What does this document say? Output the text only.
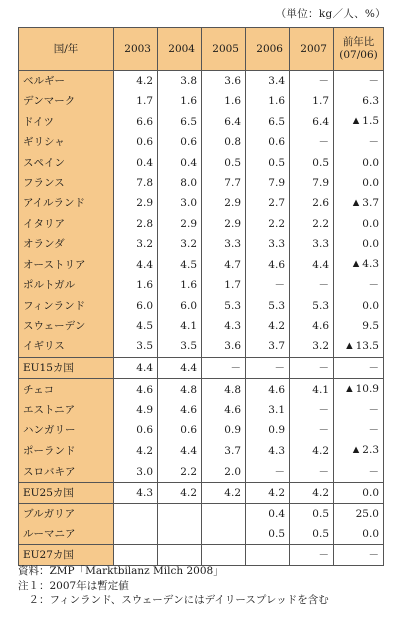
（単位：kg／人、%）
国/年	2003	2004	2005	2006	2007	前年比
(07/06)

ベルギー	4.2	3.8	3.6	3.4	－	－
デンマーク	1.7	1.6	1.6	1.6	1.7	6.3
ドイツ	6.6	6.5	6.4	6.5	6.4	▲ 1.5
ギリシャ	0.6	0.6	0.8	0.6	－	－
スペイン	0.4	0.4	0.5	0.5	0.5	0.0
フランス	7.8	8.0	7.7	7.9	7.9	0.0
アイルランド	2.9	3.0	2.9	2.7	2.6	▲ 3.7
イタリア	2.8	2.9	2.9	2.2	2.2	0.0
オランダ	3.2	3.2	3.3	3.3	3.3	0.0
オーストリア	4.4	4.5	4.7	4.6	4.4	▲ 4.3
ポルトガル	1.6	1.6	1.7	－	－	－
フィンランド	6.0	6.0	5.3	5.3	5.3	0.0
スウェーデン	4.5	4.1	4.3	4.2	4.6	9.5
イギリス	3.5	3.5	3.6	3.7	3.2	▲ 13.5
EU15カ国	4.4	4.4	－	－	－	－
チェコ	4.6	4.8	4.8	4.6	4.1	▲ 10.9
エストニア	4.9	4.6	4.6	3.1	－	－
ハンガリー	0.6	0.6	0.9	0.9	－	－
ポーランド	4.2	4.4	3.7	4.3	4.2	▲ 2.3
スロバキア	3.0	2.2	2.0	－	－	－
EU25カ国	4.3	4.2	4.2	4.2	4.2	0.0
ブルガリア				0.4	0.5	25.0
ルーマニア				0.5	0.5	0.0
EU27カ国					－	－
資料：ZMP「Marktbilanz Milch 2008」
注１：2007年は暫定値
　２：フィンランド、スウェーデンにはデイリースプレッドを含む
